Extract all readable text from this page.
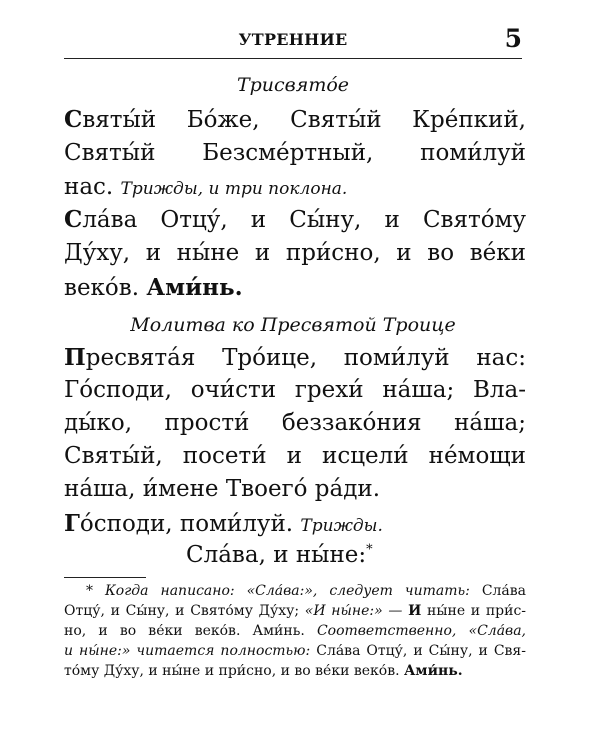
УТРЕННИЕ	5
Трисвято́е
Святы́й Бо́же, Святы́й Кре́пкий,
Святы́й Безсме́ртный, поми́луй
нас. Трижды, и три поклона.
Сла́ва Отцу́, и Сы́ну, и Свято́му
Ду́ху, и ны́не и при́сно, и во ве́ки
веко́в. Ами́нь.
Молитва ко Пресвятой Троице
Пресвята́я Тро́ице, поми́луй нас:
Го́споди, очи́сти грехи́ на́ша; Вла-
ды́ко, прости́ беззако́ния на́ша;
Святы́й, посети́ и исцели́ не́мощи
на́ша, и́мене Твоего́ ра́ди.
Го́споди, поми́луй. Трижды.
Сла́ва, и ны́не:*
* Когда написано: «Сла́ва:», следует читать: Сла́ва
Отцу́, и Сы́ну, и Свято́му Ду́ху; «И ны́не:» — И ны́не и при́с-
но, и во ве́ки веко́в. Ами́нь. Соответственно, «Сла́ва,
и ны́не:» читается полностью: Сла́ва Отцу́, и Сы́ну, и Свя-
то́му Ду́ху, и ны́не и при́сно, и во ве́ки веко́в. Ами́нь.
